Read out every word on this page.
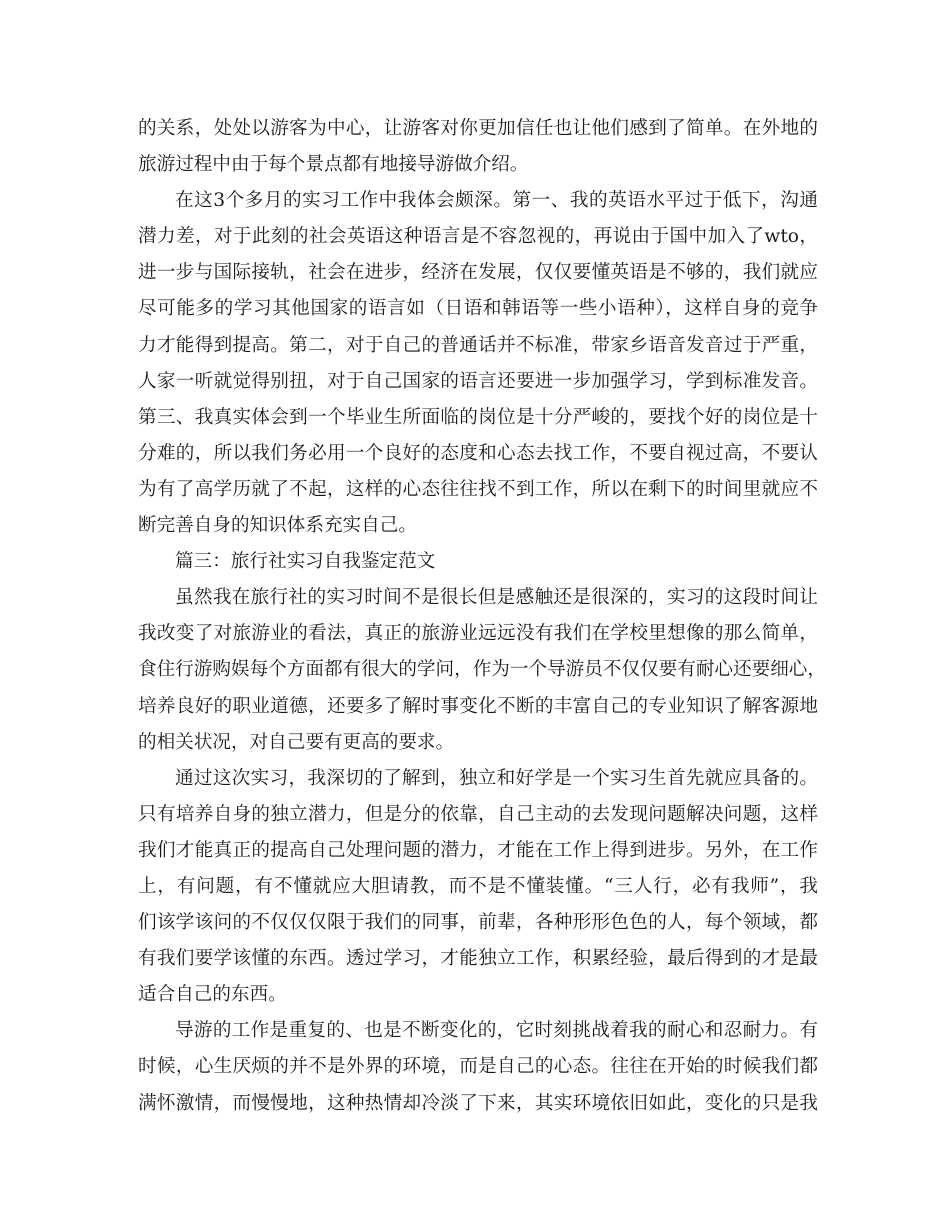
的关系，处处以游客为中心，让游客对你更加信任也让他们感到了简单。在外地的
旅游过程中由于每个景点都有地接导游做介绍。
在这3个多月的实习工作中我体会颇深。第一、我的英语水平过于低下，沟通
潜力差，对于此刻的社会英语这种语言是不容忽视的，再说由于国中加入了wto，
进一步与国际接轨，社会在进步，经济在发展，仅仅要懂英语是不够的，我们就应
尽可能多的学习其他国家的语言如（日语和韩语等一些小语种），这样自身的竞争
力才能得到提高。第二，对于自己的普通话并不标准，带家乡语音发音过于严重，
人家一听就觉得别扭，对于自己国家的语言还要进一步加强学习，学到标准发音。
第三、我真实体会到一个毕业生所面临的岗位是十分严峻的，要找个好的岗位是十
分难的，所以我们务必用一个良好的态度和心态去找工作，不要自视过高，不要认
为有了高学历就了不起，这样的心态往往找不到工作，所以在剩下的时间里就应不
断完善自身的知识体系充实自己。
篇三：旅行社实习自我鉴定范文
虽然我在旅行社的实习时间不是很长但是感触还是很深的，实习的这段时间让
我改变了对旅游业的看法，真正的旅游业远远没有我们在学校里想像的那么简单，
食住行游购娱每个方面都有很大的学问，作为一个导游员不仅仅要有耐心还要细心，
培养良好的职业道德，还要多了解时事变化不断的丰富自己的专业知识了解客源地
的相关状况，对自己要有更高的要求。
通过这次实习，我深切的了解到，独立和好学是一个实习生首先就应具备的。
只有培养自身的独立潜力，但是分的依靠，自己主动的去发现问题解决问题，这样
我们才能真正的提高自己处理问题的潜力，才能在工作上得到进步。另外，在工作
上，有问题，有不懂就应大胆请教，而不是不懂装懂。“三人行，必有我师”，我
们该学该问的不仅仅仅限于我们的同事，前辈，各种形形色色的人，每个领域，都
有我们要学该懂的东西。透过学习，才能独立工作，积累经验，最后得到的才是最
适合自己的东西。
导游的工作是重复的、也是不断变化的，它时刻挑战着我的耐心和忍耐力。有
时候，心生厌烦的并不是外界的环境，而是自己的心态。往往在开始的时候我们都
满怀激情，而慢慢地，这种热情却冷淡了下来，其实环境依旧如此，变化的只是我
